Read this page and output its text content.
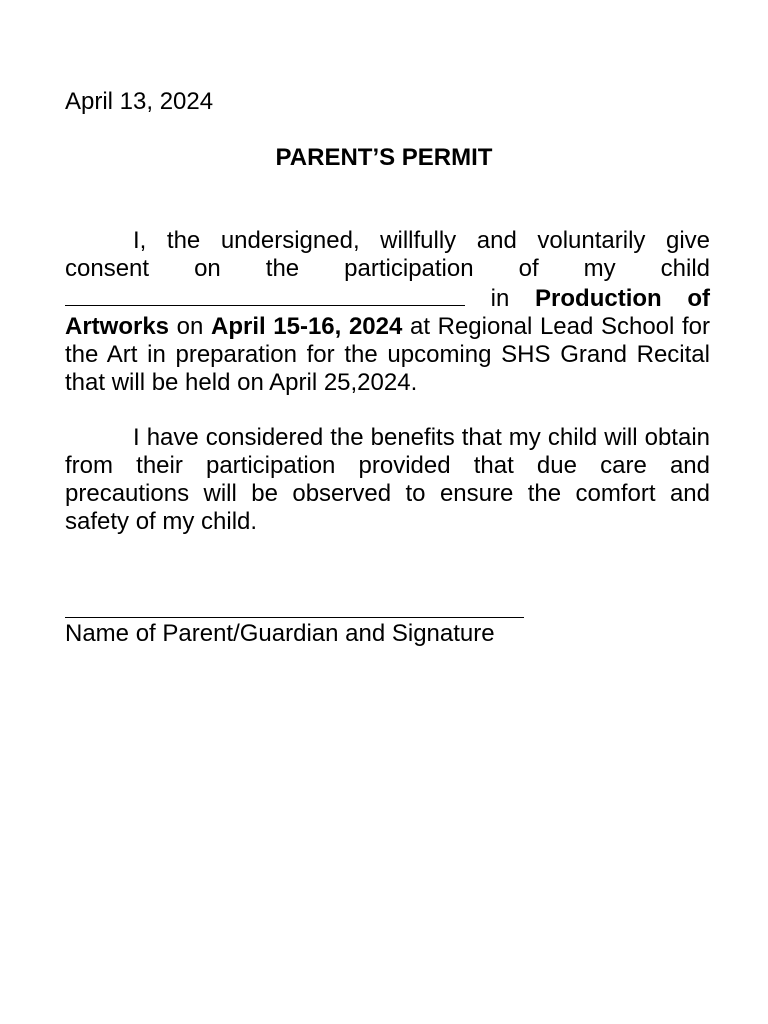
April 13, 2024

PARENT’S PERMIT

I, the undersigned, willfully and voluntarily give consent on the participation of my child  in Production of Artworks on April 15-16, 2024 at Regional Lead School for the Art in preparation for the upcoming SHS Grand Recital that will be held on April 25,2024.

I have considered the benefits that my child will obtain from their participation provided that due care and precautions will be observed to ensure the comfort and safety of my child.

Name of Parent/Guardian and Signature
